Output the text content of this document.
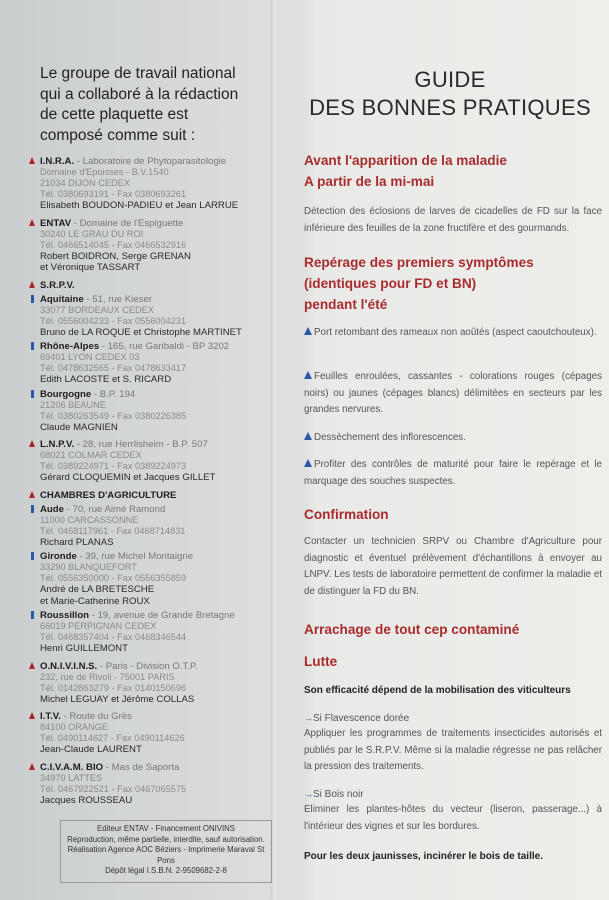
Le groupe de travail national
qui a collaboré à la rédaction
de cette plaquette est
composé comme suit :
I.N.R.A. - Laboratoire de Phytoparasitologie
Domaine d'Epoisses - B.V.1540
21034 DIJON CEDEX
Tél. 0380693191 - Fax 0380693261
Elisabeth BOUDON-PADIEU et Jean LARRUE
ENTAV - Domaine de l'Espiguette
30240 LE GRAU DU ROI
Tél. 0466514045 - Fax 0466532916
Robert BOIDRON, Serge GRENAN
et Véronique TASSART
S.R.P.V.
Aquitaine - 51, rue Kieser
33077 BORDEAUX CEDEX
Tél. 0556004233 - Fax 0556004231
Bruno de LA ROQUE et Christophe MARTINET
Rhône-Alpes - 165, rue Garibaldi - BP 3202
69401 LYON CEDEX 03
Tél. 0478632565 - Fax 0478633417
Edith LACOSTE et S. RICARD
Bourgogne - B.P. 194
21206 BEAUNE
Tél. 0380263549 - Fax 0380226385
Claude MAGNIEN
L.N.P.V. - 28, rue Herrlisheim - B.P. 507
68021 COLMAR CEDEX
Tél. 0389224971 - Fax 0389224973
Gérard CLOQUEMIN et Jacques GILLET
CHAMBRES D'AGRICULTURE
Aude - 70, rue Aimé Ramond
11000 CARCASSONNE
Tél. 0468117961 - Fax 0468714831
Richard PLANAS
Gironde - 39, rue Michel Montaigne
33290 BLANQUEFORT
Tél. 0556350000 - Fax 0556355859
André de LA BRETESCHE
et Marie-Catherine ROUX
Roussillon - 19, avenue de Grande Bretagne
66019 PERPIGNAN CEDEX
Tél. 0468357404 - Fax 0468346544
Henri GUILLEMONT
O.N.I.V.I.N.S. - Paris - Division O.T.P.
232, rue de Rivoli - 75001 PARIS
Tél. 0142863279 - Fax 0140150696
Michel LEGUAY et Jérôme COLLAS
I.T.V. - Route du Grès
84100 ORANGE
Tél. 0490114627 - Fax 0490114626
Jean-Claude LAURENT
C.I.V.A.M. BIO - Mas de Saporta
34970 LATTES
Tél. 0467922521 - Fax 0467065575
Jacques ROUSSEAU
Editeur ENTAV - Financement ONIVINS
Reproduction, même partielle, interdite, sauf autorisation.
Réalisation Agence AOC Béziers - Imprimerie Maraval St Pons
Dépôt légal I.S.B.N. 2-9509682-2-8
GUIDE
DES BONNES PRATIQUES
Avant l'apparition de la maladie
A partir de la mi-mai
Détection des éclosions de larves de cicadelles de FD sur la face inférieure des feuilles de la zone fructifère et des gourmands.
Repérage des premiers symptômes
(identiques pour FD et BN)
pendant l'été
Port retombant des rameaux non aoûtés (aspect caoutchouteux).
Feuilles enroulées, cassantes - colorations rouges (cépages noirs) ou jaunes (cépages blancs) délimitées en secteurs par les grandes nervures.
Dessèchement des inflorescences.
Profiter des contrôles de maturité pour faire le repérage et le marquage des souches suspectes.
Confirmation
Contacter un technicien SRPV ou Chambre d'Agriculture pour diagnostic et éventuel prélèvement d'échantillons à envoyer au LNPV. Les tests de laboratoire permettent de confirmer la maladie et de distinguer la FD du BN.
Arrachage de tout cep contaminé
Lutte
Son efficacité dépend de la mobilisation des viticulteurs
→Si Flavescence dorée
Appliquer les programmes de traitements insecticides autorisés et publiés par le S.R.P.V. Même si la maladie régresse ne pas relâcher la pression des traitements.
→Si Bois noir
Eliminer les plantes-hôtes du vecteur (liseron, passerage...) à l'intérieur des vignes et sur les bordures.
Pour les deux jaunisses, incinérer le bois de taille.
